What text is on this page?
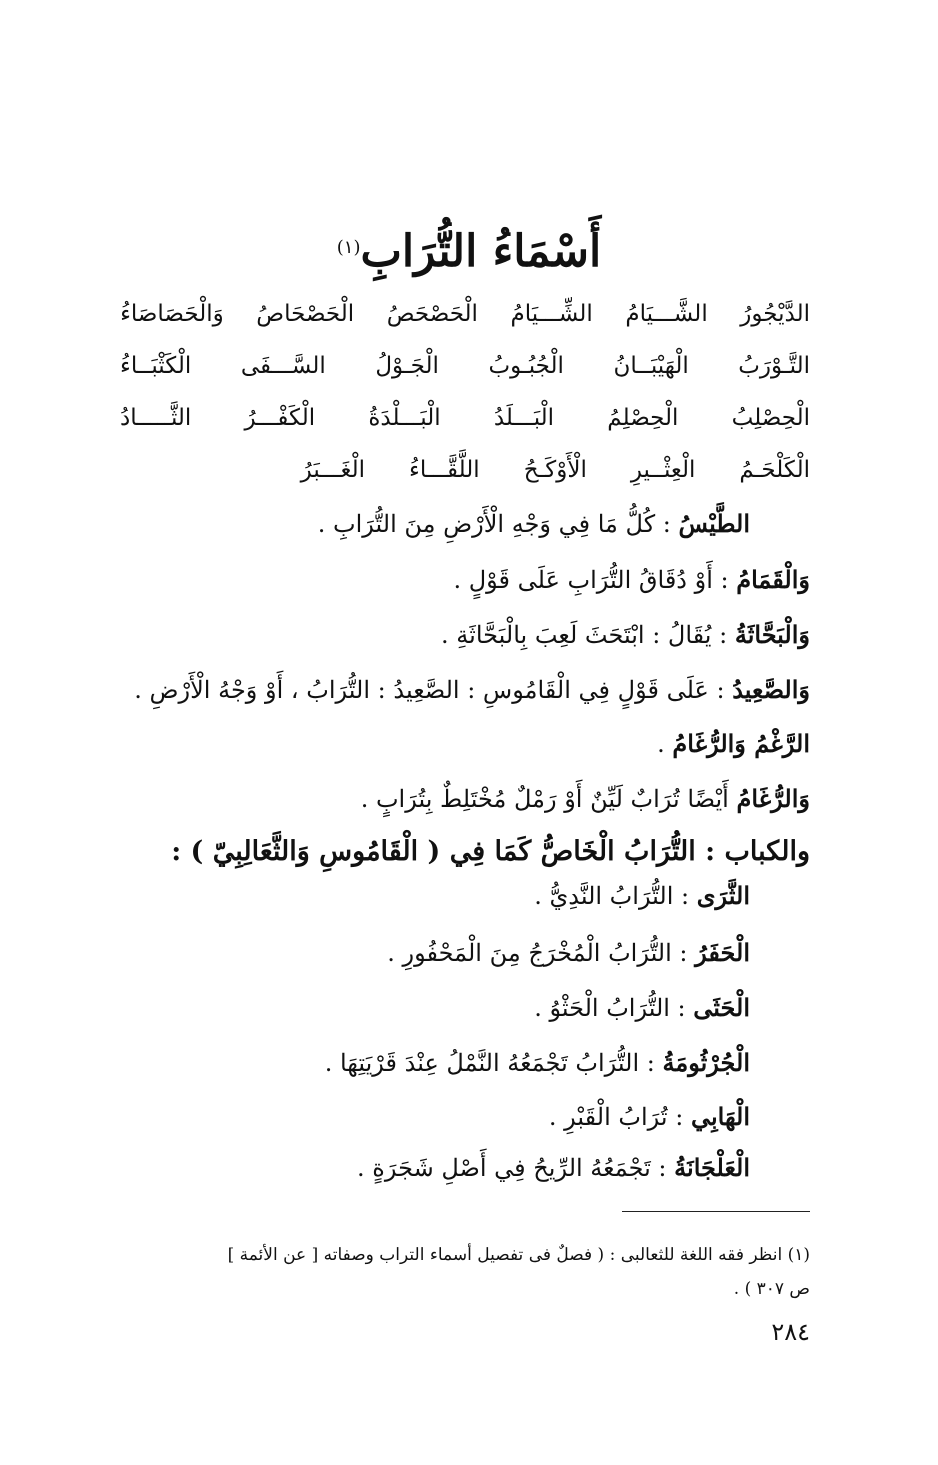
أَسْمَاءُ التُّرَابِ$^{(١)}$
الدَّيْجُورُ
الشَّـــيَامُ
الشِّـــيَامُ
الْحَصْحَصُ
الْحَصْحَاصُ
وَالْحَصَاصَاءُ
التَّـوْرَبُ
الْهَيْبَــانُ
الْجُبُـوبُ
الْجَـوْلُ
السَّـــفَى
الْكَثْبَــاءُ
الْحِصْلِبُ
الْحِصْلِمُ
الْبَـــلَدُ
الْبَـــلْدَةُ
الْكَفْـــرُ
الثَّـــــادُ
الْكَلْحَـمُ
الْعِثْــيرِ
الْأَوْكَـحُ
اللَّقَّـــاءُ
الْغَـــبَرُ
الطَّيْسُ : كُلُّ مَا فِي وَجْهِ الْأَرْضِ مِنَ التُّرَابِ .
وَالْقَمَامُ : أَوْ دُقَاقُ التُّرَابِ عَلَى قَوْلٍ .
وَالْبَحَّاثَةُ : يُقَالُ : ابْتَحَثَ لَعِبَ بِالْبَحَّاثَةِ .
وَالصَّعِيدُ : عَلَى قَوْلٍ فِي الْقَامُوسِ : الصَّعِيدُ : التُّرَابُ ، أَوْ وَجْهُ الْأَرْضِ .
الرَّغْمُ وَالرُّغَامُ .
وَالرُّغَامُ أَيْضًا تُرَابٌ لَيِّنٌ أَوْ رَمْلٌ مُخْتَلِطٌ بِتُرَابٍ .
والكباب : التُّرَابُ الْخَاصُّ كَمَا فِي ( الْقَامُوسِ وَالثَّعَالِبِيّ ) :
الثَّرَى : التُّرَابُ النَّدِيُّ .
الْحَفَرُ : التُّرَابُ الْمُخْرَجُ مِنَ الْمَحْفُورِ .
الْحَثَى : التُّرَابُ الْحَثْوُ .
الْجُرْثُومَةُ : التُّرَابُ تَجْمَعُهُ النَّمْلُ عِنْدَ قَرْيَتِهَا .
الْهَابِي : تُرَابُ الْقَبْرِ .
الْعَلْجَانَةُ : تَجْمَعُهُ الرِّيحُ فِي أَصْلِ شَجَرَةٍ .
(١) انظر فقه اللغة للثعالبى : ( فصلٌ فى تفصيل أسماء التراب وصفاته [ عن الأئمة ]
ص ٣٠٧ ) .
٢٨٤
